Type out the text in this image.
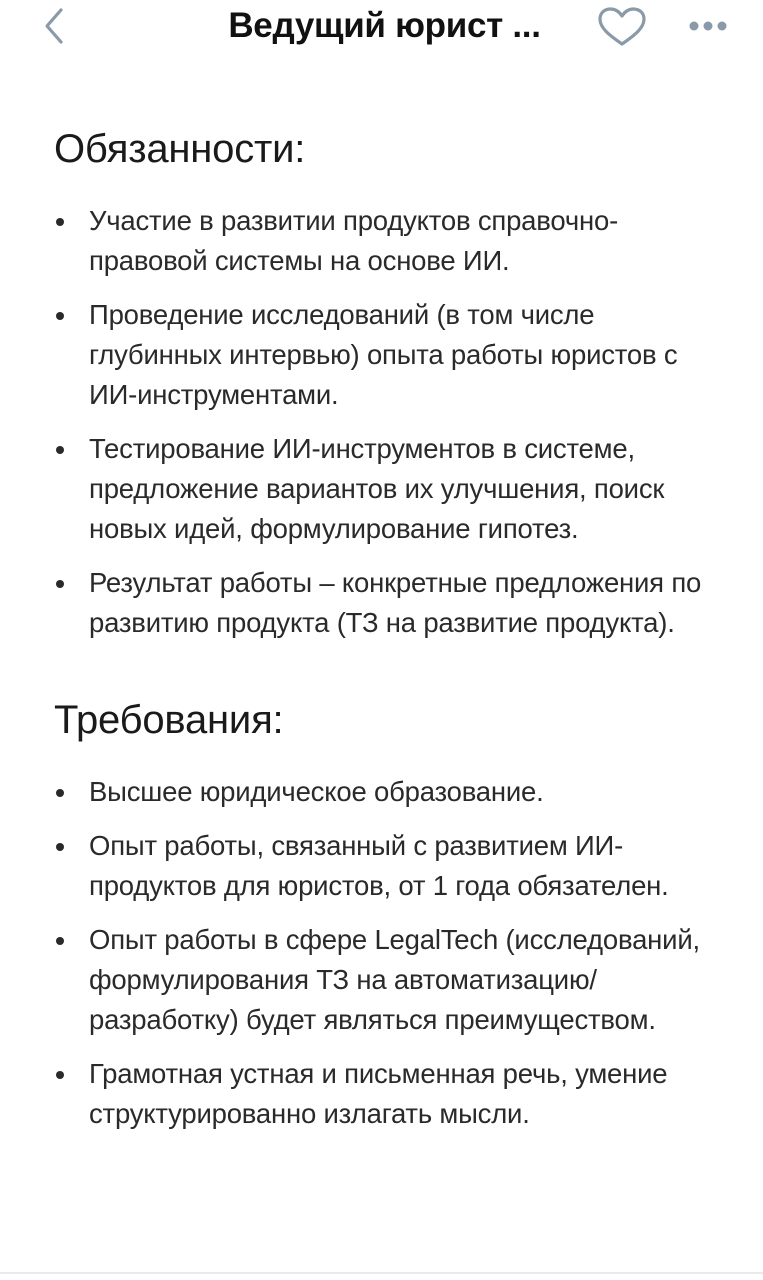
Ведущий юрист ...
Обязанности:
Участие в развитии продуктов справочно-правовой системы на основе ИИ.
Проведение исследований (в том числе глубинных интервью) опыта работы юристов с ИИ-инструментами.
Тестирование ИИ-инструментов в системе, предложение вариантов их улучшения, поиск новых идей, формулирование гипотез.
Результат работы – конкретные предложения по развитию продукта (ТЗ на развитие продукта).
Требования:
Высшее юридическое образование.
Опыт работы, связанный с развитием ИИ-продуктов для юристов, от 1 года обязателен.
Опыт работы в сфере LegalTech (исследований, формулирования ТЗ на автоматизацию/разработку) будет являться преимуществом.
Грамотная устная и письменная речь, умение структурированно излагать мысли.
